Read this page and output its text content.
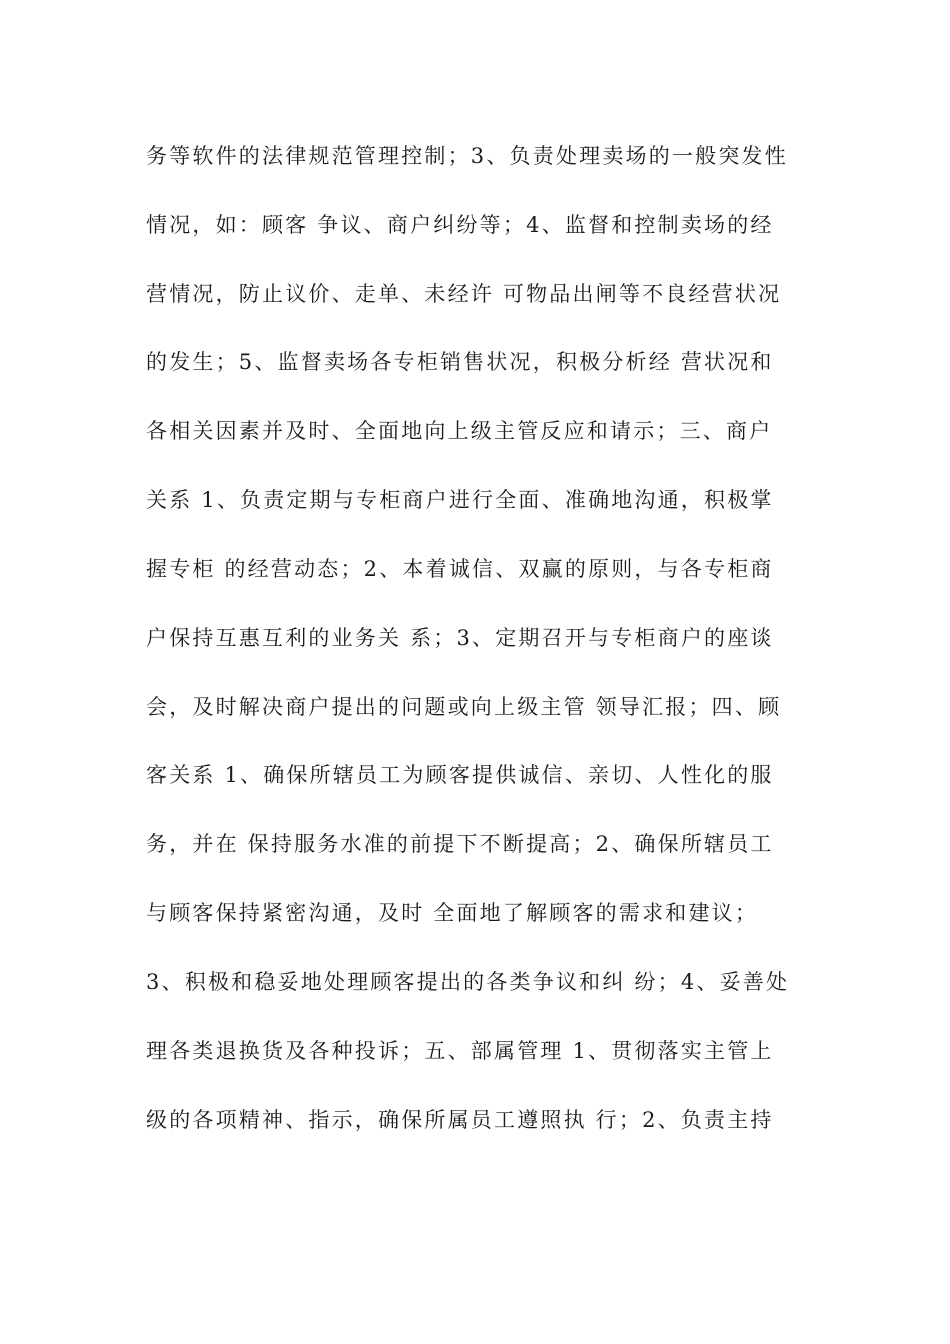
务等软件的法律规范管理控制；3、负责处理卖场的一般突发性
情况，如：顾客 争议、商户纠纷等；4、监督和控制卖场的经
营情况，防止议价、走单、未经许 可物品出闸等不良经营状况
的发生；5、监督卖场各专柜销售状况，积极分析经 营状况和
各相关因素并及时、全面地向上级主管反应和请示；三、商户
关系 1、负责定期与专柜商户进行全面、准确地沟通，积极掌
握专柜 的经营动态；2、本着诚信、双赢的原则，与各专柜商
户保持互惠互利的业务关 系；3、定期召开与专柜商户的座谈
会，及时解决商户提出的问题或向上级主管 领导汇报；四、顾
客关系 1、确保所辖员工为顾客提供诚信、亲切、人性化的服
务，并在 保持服务水准的前提下不断提高；2、确保所辖员工
与顾客保持紧密沟通，及时 全面地了解顾客的需求和建议；
3、积极和稳妥地处理顾客提出的各类争议和纠 纷；4、妥善处
理各类退换货及各种投诉；五、部属管理 1、贯彻落实主管上
级的各项精神、指示，确保所属员工遵照执 行；2、负责主持
